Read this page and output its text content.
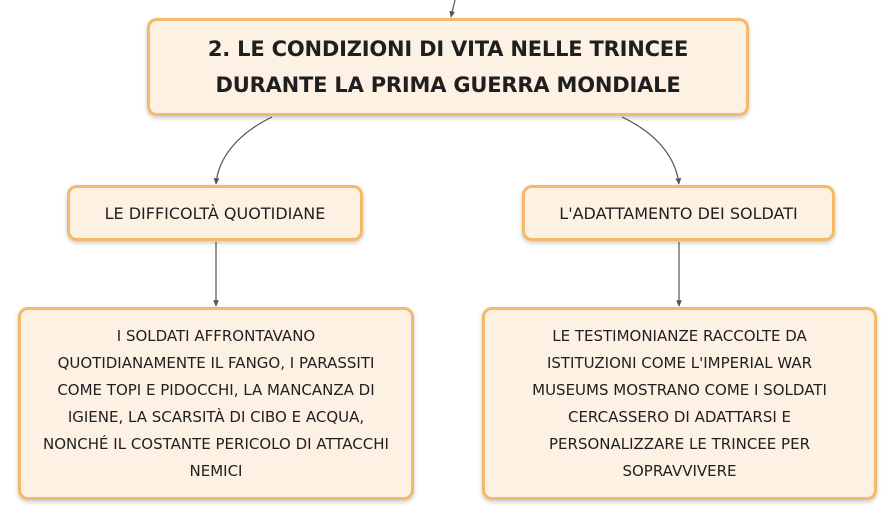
2. LE CONDIZIONI DI VITA NELLE TRINCEE DURANTE LA PRIMA GUERRA MONDIALE
LE DIFFICOLTÀ QUOTIDIANE	L'ADATTAMENTO DEI SOLDATI
I SOLDATI AFFRONTAVANO QUOTIDIANAMENTE IL FANGO, I PARASSITI COME TOPI E PIDOCCHI, LA MANCANZA DI IGIENE, LA SCARSITÀ DI CIBO E ACQUA, NONCHÉ IL COSTANTE PERICOLO DI ATTACCHI NEMICI
LE TESTIMONIANZE RACCOLTE DA ISTITUZIONI COME L'IMPERIAL WAR MUSEUMS MOSTRANO COME I SOLDATI CERCASSERO DI ADATTARSI E PERSONALIZZARE LE TRINCEE PER SOPRAVVIVERE
